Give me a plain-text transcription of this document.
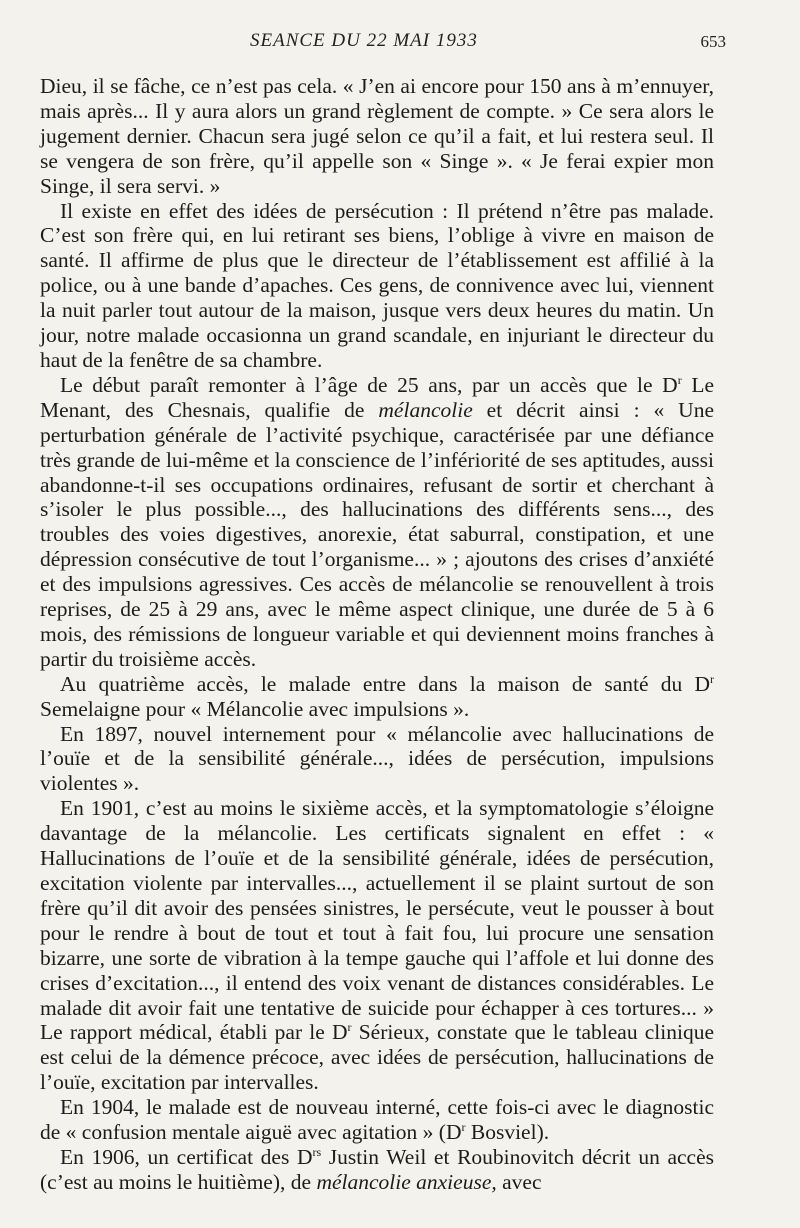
SEANCE DU 22 MAI 1933	653

Dieu, il se fâche, ce n’est pas cela. « J’en ai encore pour 150 ans à m’ennuyer, mais après... Il y aura alors un grand règlement de compte. » Ce sera alors le jugement dernier. Chacun sera jugé selon ce qu’il a fait, et lui restera seul. Il se vengera de son frère, qu’il appelle son « Singe ». « Je ferai expier mon Singe, il sera servi. »

Il existe en effet des idées de persécution : Il prétend n’être pas malade. C’est son frère qui, en lui retirant ses biens, l’oblige à vivre en maison de santé. Il affirme de plus que le directeur de l’établissement est affilié à la police, ou à une bande d’apaches. Ces gens, de connivence avec lui, viennent la nuit parler tout autour de la maison, jusque vers deux heures du matin. Un jour, notre malade occasionna un grand scandale, en injuriant le directeur du haut de la fenêtre de sa chambre.

Le début paraît remonter à l’âge de 25 ans, par un accès que le $D^r$ Le Menant, des Chesnais, qualifie de mélancolie et décrit ainsi : « Une perturbation générale de l’activité psychique, caractérisée par une défiance très grande de lui-même et la conscience de l’infériorité de ses aptitudes, aussi abandonne-t-il ses occupations ordinaires, refusant de sortir et cherchant à s’isoler le plus possible..., des hallucinations des différents sens..., des troubles des voies digestives, anorexie, état saburral, constipation, et une dépression consécutive de tout l’organisme... » ; ajoutons des crises d’anxiété et des impulsions agressives. Ces accès de mélancolie se renouvellent à trois reprises, de 25 à 29 ans, avec le même aspect clinique, une durée de 5 à 6 mois, des rémissions de longueur variable et qui deviennent moins franches à partir du troisième accès.

Au quatrième accès, le malade entre dans la maison de santé du $D^r$ Semelaigne pour « Mélancolie avec impulsions ».

En 1897, nouvel internement pour « mélancolie avec hallucinations de l’ouïe et de la sensibilité générale..., idées de persécution, impulsions violentes ».

En 1901, c’est au moins le sixième accès, et la symptomatologie s’éloigne davantage de la mélancolie. Les certificats signalent en effet : « Hallucinations de l’ouïe et de la sensibilité générale, idées de persécution, excitation violente par intervalles..., actuellement il se plaint surtout de son frère qu’il dit avoir des pensées sinistres, le persécute, veut le pousser à bout pour le rendre à bout de tout et tout à fait fou, lui procure une sensation bizarre, une sorte de vibration à la tempe gauche qui l’affole et lui donne des crises d’excitation..., il entend des voix venant de distances considérables. Le malade dit avoir fait une tentative de suicide pour échapper à ces tortures... » Le rapport médical, établi par le $D^r$ Sérieux, constate que le tableau clinique est celui de la démence précoce, avec idées de persécution, hallucinations de l’ouïe, excitation par intervalles.

En 1904, le malade est de nouveau interné, cette fois-ci avec le diagnostic de « confusion mentale aiguë avec agitation » ($D^r$ Bosviel).

En 1906, un certificat des $D^{rs}$ Justin Weil et Roubinovitch décrit un accès (c’est au moins le huitième), de mélancolie anxieuse, avec
